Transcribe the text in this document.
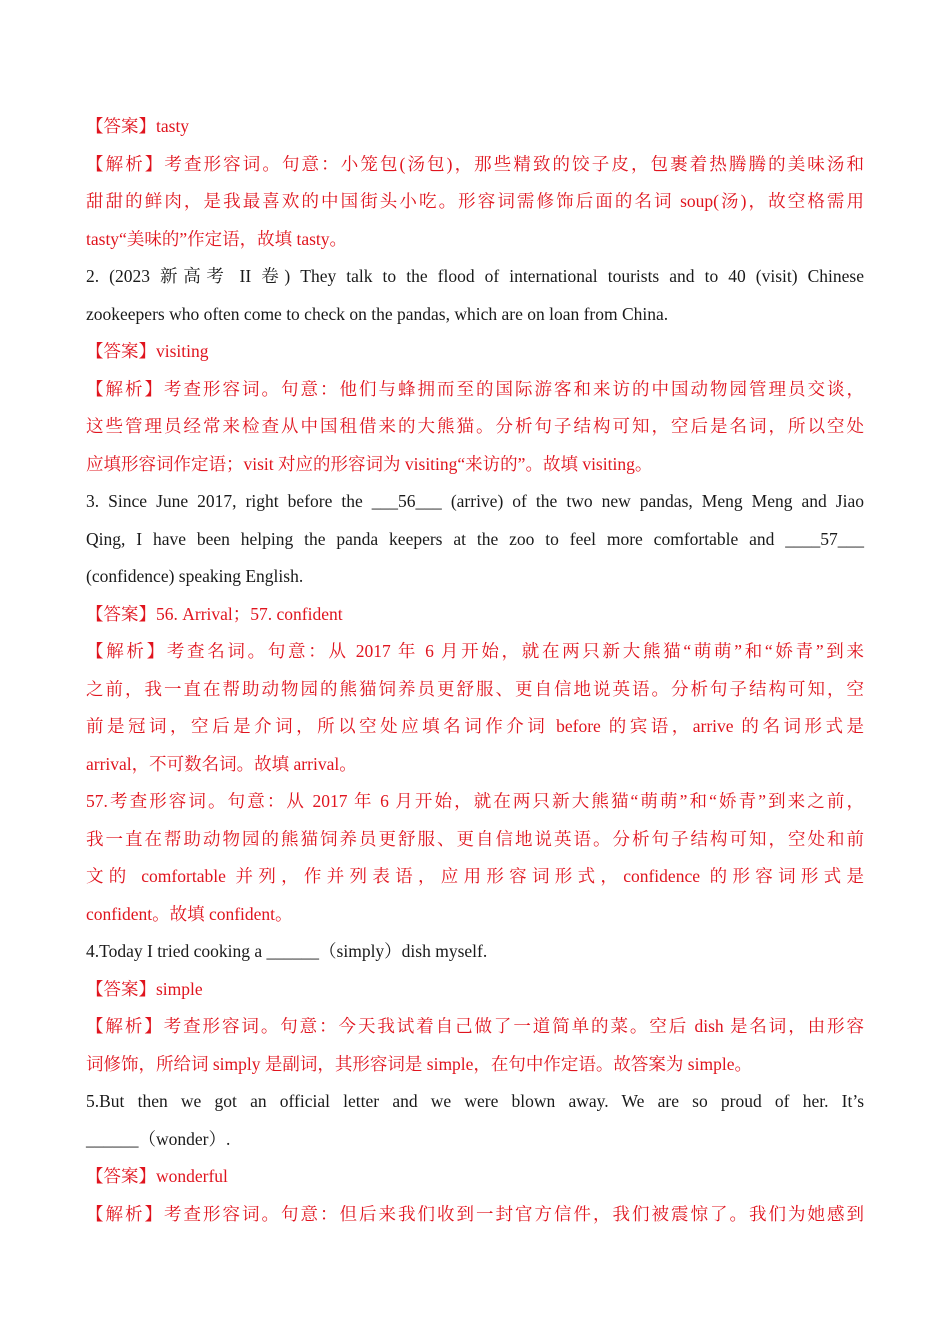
【答案】tasty
【解析】考查形容词。句意：小笼包(汤包)，那些精致的饺子皮，包裹着热腾腾的美味汤和
甜甜的鲜肉，是我最喜欢的中国街头小吃。形容词需修饰后面的名词 soup(汤)，故空格需用
tasty“美味的”作定语，故填 tasty。
2. (2023 新高考 II 卷) They talk to the flood of international tourists and to 40 (visit) Chinese
zookeepers who often come to check on the pandas, which are on loan from China.
【答案】visiting
【解析】考查形容词。句意：他们与蜂拥而至的国际游客和来访的中国动物园管理员交谈，
这些管理员经常来检查从中国租借来的大熊猫。分析句子结构可知，空后是名词，所以空处
应填形容词作定语；visit 对应的形容词为 visiting“来访的”。故填 visiting。
3. Since June 2017, right before the ___56___ (arrive) of the two new pandas, Meng Meng and Jiao
Qing, I have been helping the panda keepers at the zoo to feel more comfortable and ____57___
(confidence) speaking English.
【答案】56. Arrival；57. confident
【解析】考查名词。句意：从 2017 年 6 月开始，就在两只新大熊猫“萌萌”和“娇青”到来
之前，我一直在帮助动物园的熊猫饲养员更舒服、更自信地说英语。分析句子结构可知，空
前是冠词，空后是介词，所以空处应填名词作介词 before 的宾语，arrive 的名词形式是
arrival，不可数名词。故填 arrival。
57.考查形容词。句意：从 2017 年 6 月开始，就在两只新大熊猫“萌萌”和“娇青”到来之前，
我一直在帮助动物园的熊猫饲养员更舒服、更自信地说英语。分析句子结构可知，空处和前
文的 comfortable 并列，作并列表语，应用形容词形式，confidence 的形容词形式是
confident。故填 confident。
4.Today I tried cooking a ______（simply）dish myself.
【答案】simple
【解析】考查形容词。句意：今天我试着自己做了一道简单的菜。空后 dish 是名词，由形容
词修饰，所给词 simply 是副词，其形容词是 simple，在句中作定语。故答案为 simple。
5.But then we got an official letter and we were blown away. We are so proud of her. It’s
______（wonder）.
【答案】wonderful
【解析】考查形容词。句意：但后来我们收到一封官方信件，我们被震惊了。我们为她感到
